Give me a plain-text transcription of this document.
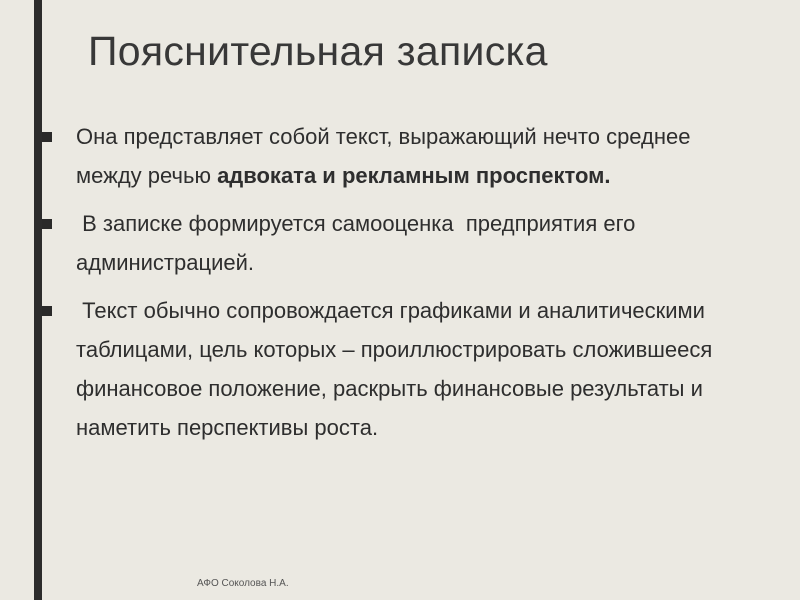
Пояснительная записка
Она представляет собой текст, выражающий нечто среднее между речью адвоката и рекламным проспектом.
В записке формируется самооценка  предприятия его администрацией.
Текст обычно сопровождается графиками и аналитическими таблицами, цель которых – проиллюстрировать сложившееся финансовое положение, раскрыть финансовые результаты и наметить перспективы роста.
АФО Соколова Н.А.
